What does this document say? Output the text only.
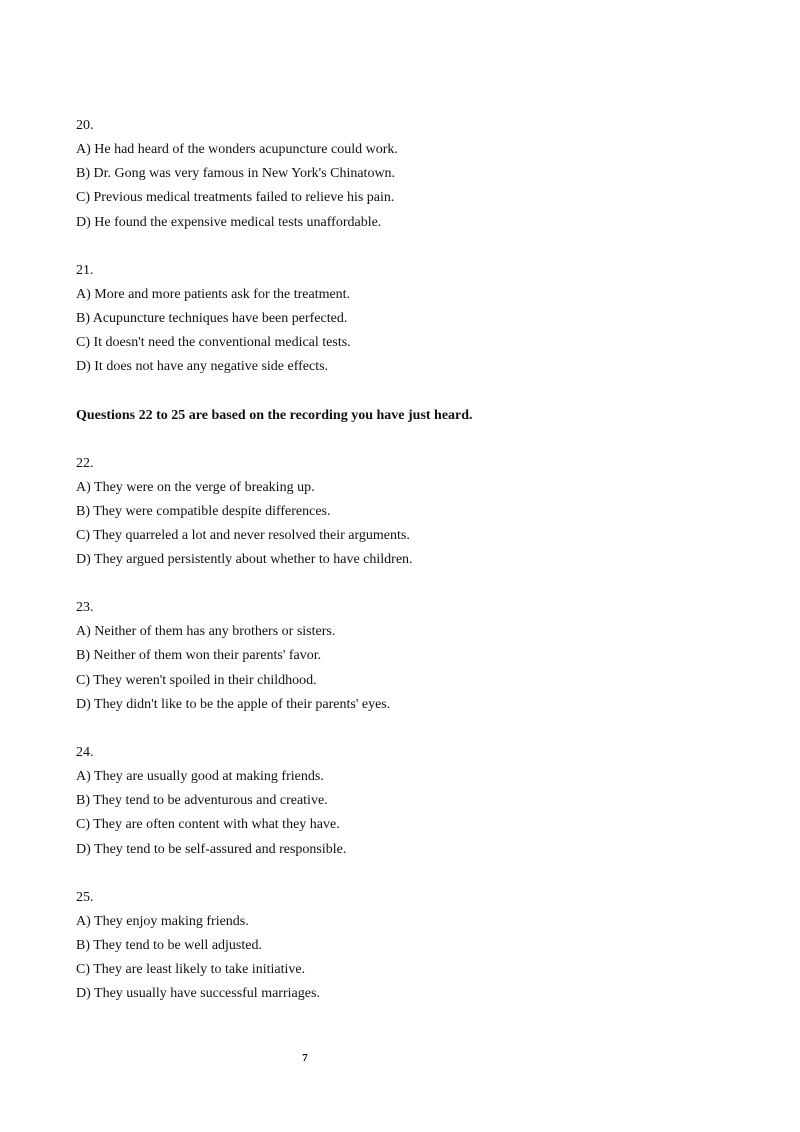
20.
A) He had heard of the wonders acupuncture could work.
B) Dr. Gong was very famous in New York's Chinatown.
C) Previous medical treatments failed to relieve his pain.
D) He found the expensive medical tests unaffordable.
21.
A) More and more patients ask for the treatment.
B) Acupuncture techniques have been perfected.
C) It doesn't need the conventional medical tests.
D) It does not have any negative side effects.
Questions 22 to 25 are based on the recording you have just heard.
22.
A) They were on the verge of breaking up.
B) They were compatible despite differences.
C) They quarreled a lot and never resolved their arguments.
D) They argued persistently about whether to have children.
23.
A) Neither of them has any brothers or sisters.
B) Neither of them won their parents' favor.
C) They weren't spoiled in their childhood.
D) They didn't like to be the apple of their parents' eyes.
24.
A) They are usually good at making friends.
B) They tend to be adventurous and creative.
C) They are often content with what they have.
D) They tend to be self-assured and responsible.
25.
A) They enjoy making friends.
B) They tend to be well adjusted.
C) They are least likely to take initiative.
D) They usually have successful marriages.
7
